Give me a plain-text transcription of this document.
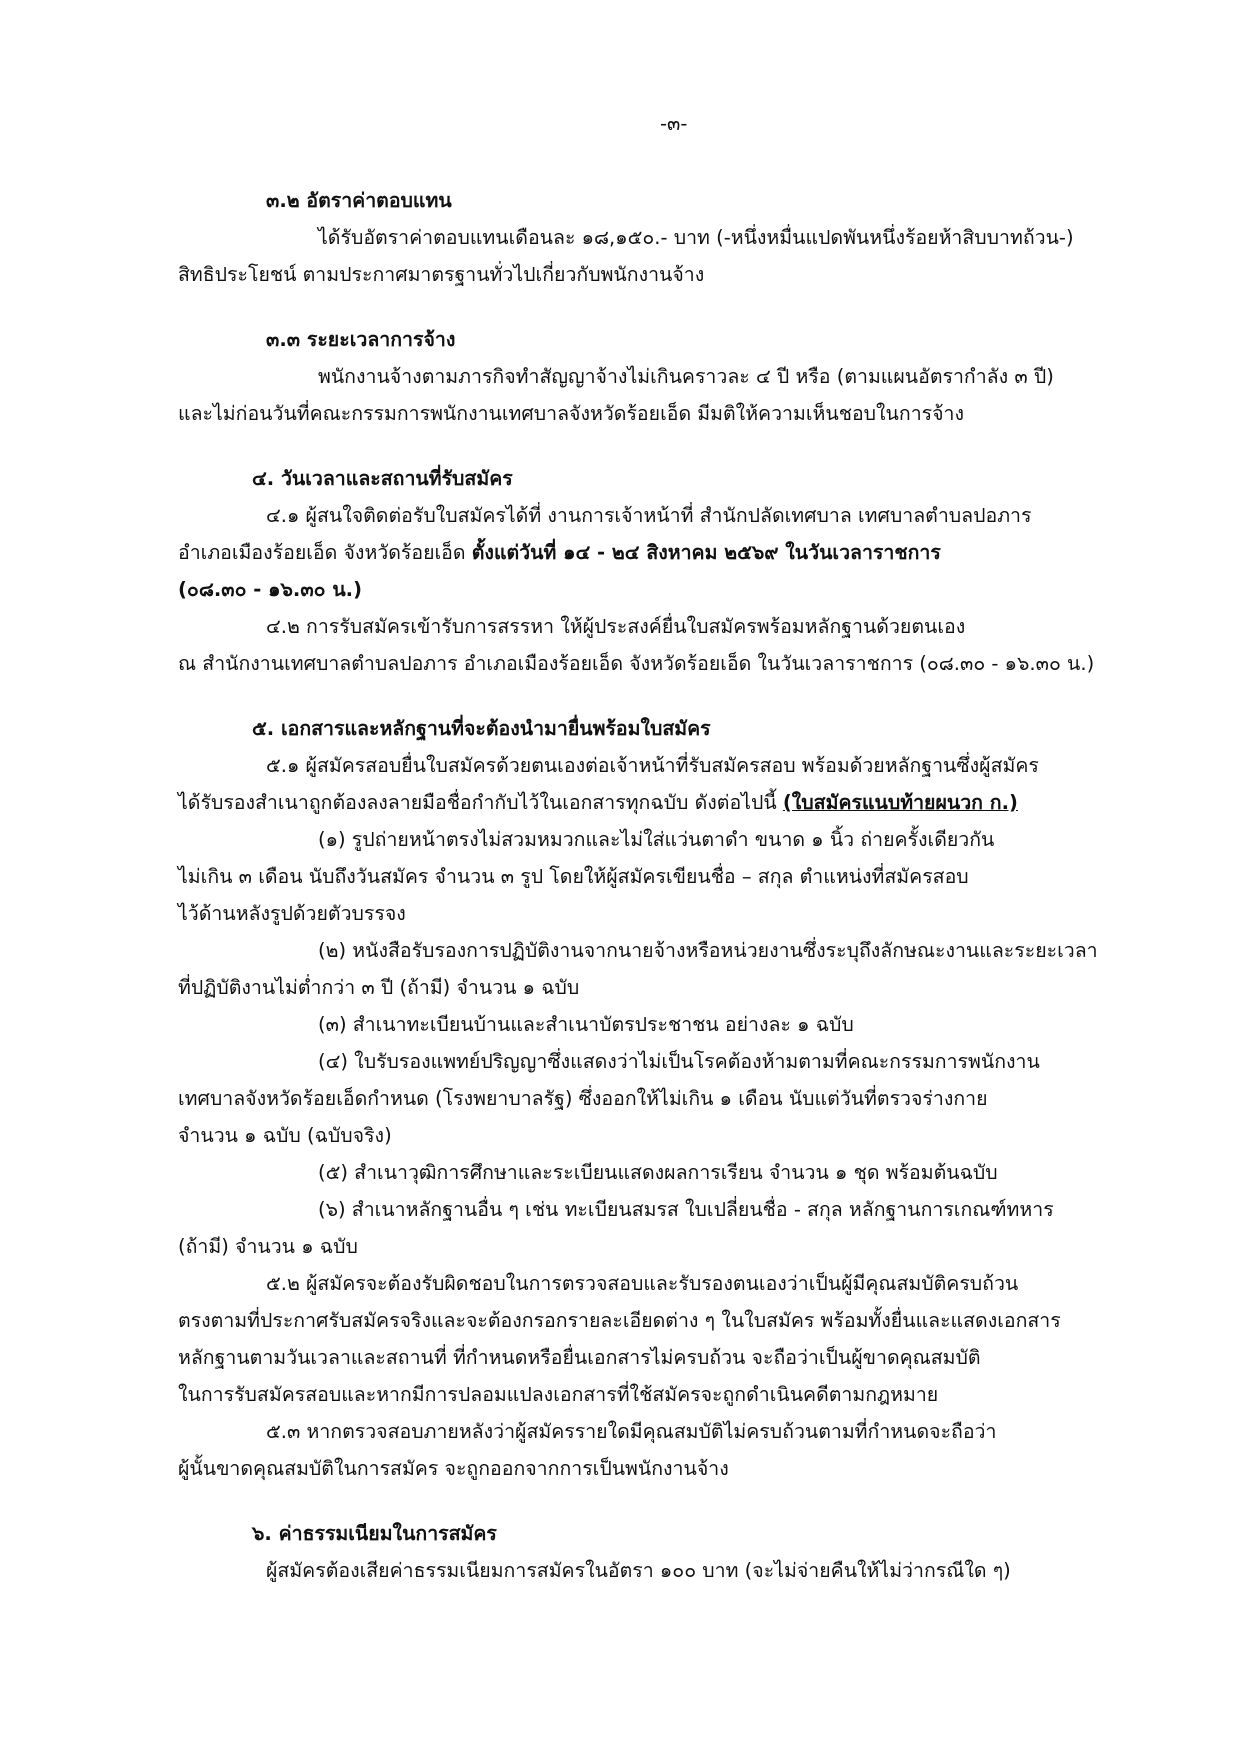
-๓-
๓.๒ อัตราค่าตอบแทน
ได้รับอัตราค่าตอบแทนเดือนละ ๑๘,๑๕๐.- บาท (-หนึ่งหมื่นแปดพันหนึ่งร้อยห้าสิบบาทถ้วน-)
สิทธิประโยชน์ ตามประกาศมาตรฐานทั่วไปเกี่ยวกับพนักงานจ้าง
๓.๓ ระยะเวลาการจ้าง
พนักงานจ้างตามภารกิจทำสัญญาจ้างไม่เกินคราวละ ๔ ปี หรือ (ตามแผนอัตรากำลัง ๓ ปี)
และไม่ก่อนวันที่คณะกรรมการพนักงานเทศบาลจังหวัดร้อยเอ็ด มีมติให้ความเห็นชอบในการจ้าง
๔. วันเวลาและสถานที่รับสมัคร
๔.๑ ผู้สนใจติดต่อรับใบสมัครได้ที่ งานการเจ้าหน้าที่ สำนักปลัดเทศบาล เทศบาลตำบลปอภาร
อำเภอเมืองร้อยเอ็ด จังหวัดร้อยเอ็ด ตั้งแต่วันที่ ๑๔ - ๒๔ สิงหาคม ๒๕๖๙ ในวันเวลาราชการ
(๐๘.๓๐ - ๑๖.๓๐ น.)
๔.๒ การรับสมัครเข้ารับการสรรหา ให้ผู้ประสงค์ยื่นใบสมัครพร้อมหลักฐานด้วยตนเอง
ณ สำนักงานเทศบาลตำบลปอภาร อำเภอเมืองร้อยเอ็ด จังหวัดร้อยเอ็ด ในวันเวลาราชการ (๐๘.๓๐ - ๑๖.๓๐ น.)
๕. เอกสารและหลักฐานที่จะต้องนำมายื่นพร้อมใบสมัคร
๕.๑ ผู้สมัครสอบยื่นใบสมัครด้วยตนเองต่อเจ้าหน้าที่รับสมัครสอบ พร้อมด้วยหลักฐานซึ่งผู้สมัคร
ได้รับรองสำเนาถูกต้องลงลายมือชื่อกำกับไว้ในเอกสารทุกฉบับ ดังต่อไปนี้ (ใบสมัครแนบท้ายผนวก ก.)
(๑) รูปถ่ายหน้าตรงไม่สวมหมวกและไม่ใส่แว่นตาดำ ขนาด ๑ นิ้ว ถ่ายครั้งเดียวกัน
ไม่เกิน ๓ เดือน นับถึงวันสมัคร จำนวน ๓ รูป โดยให้ผู้สมัครเขียนชื่อ – สกุล ตำแหน่งที่สมัครสอบ
ไว้ด้านหลังรูปด้วยตัวบรรจง
(๒) หนังสือรับรองการปฏิบัติงานจากนายจ้างหรือหน่วยงานซึ่งระบุถึงลักษณะงานและระยะเวลา
ที่ปฏิบัติงานไม่ต่ำกว่า ๓ ปี (ถ้ามี) จำนวน ๑ ฉบับ
(๓) สำเนาทะเบียนบ้านและสำเนาบัตรประชาชน อย่างละ ๑ ฉบับ
(๔) ใบรับรองแพทย์ปริญญาซึ่งแสดงว่าไม่เป็นโรคต้องห้ามตามที่คณะกรรมการพนักงาน
เทศบาลจังหวัดร้อยเอ็ดกำหนด (โรงพยาบาลรัฐ) ซึ่งออกให้ไม่เกิน ๑ เดือน นับแต่วันที่ตรวจร่างกาย
จำนวน ๑ ฉบับ (ฉบับจริง)
(๕) สำเนาวุฒิการศึกษาและระเบียนแสดงผลการเรียน จำนวน ๑ ชุด พร้อมต้นฉบับ
(๖) สำเนาหลักฐานอื่น ๆ เช่น ทะเบียนสมรส ใบเปลี่ยนชื่อ - สกุล หลักฐานการเกณฑ์ทหาร
(ถ้ามี) จำนวน ๑ ฉบับ
๕.๒ ผู้สมัครจะต้องรับผิดชอบในการตรวจสอบและรับรองตนเองว่าเป็นผู้มีคุณสมบัติครบถ้วน
ตรงตามที่ประกาศรับสมัครจริงและจะต้องกรอกรายละเอียดต่าง ๆ ในใบสมัคร พร้อมทั้งยื่นและแสดงเอกสาร
หลักฐานตามวันเวลาและสถานที่ ที่กำหนดหรือยื่นเอกสารไม่ครบถ้วน จะถือว่าเป็นผู้ขาดคุณสมบัติ
ในการรับสมัครสอบและหากมีการปลอมแปลงเอกสารที่ใช้สมัครจะถูกดำเนินคดีตามกฎหมาย
๕.๓ หากตรวจสอบภายหลังว่าผู้สมัครรายใดมีคุณสมบัติไม่ครบถ้วนตามที่กำหนดจะถือว่า
ผู้นั้นขาดคุณสมบัติในการสมัคร จะถูกออกจากการเป็นพนักงานจ้าง
๖. ค่าธรรมเนียมในการสมัคร
ผู้สมัครต้องเสียค่าธรรมเนียมการสมัครในอัตรา ๑๐๐ บาท (จะไม่จ่ายคืนให้ไม่ว่ากรณีใด ๆ)
